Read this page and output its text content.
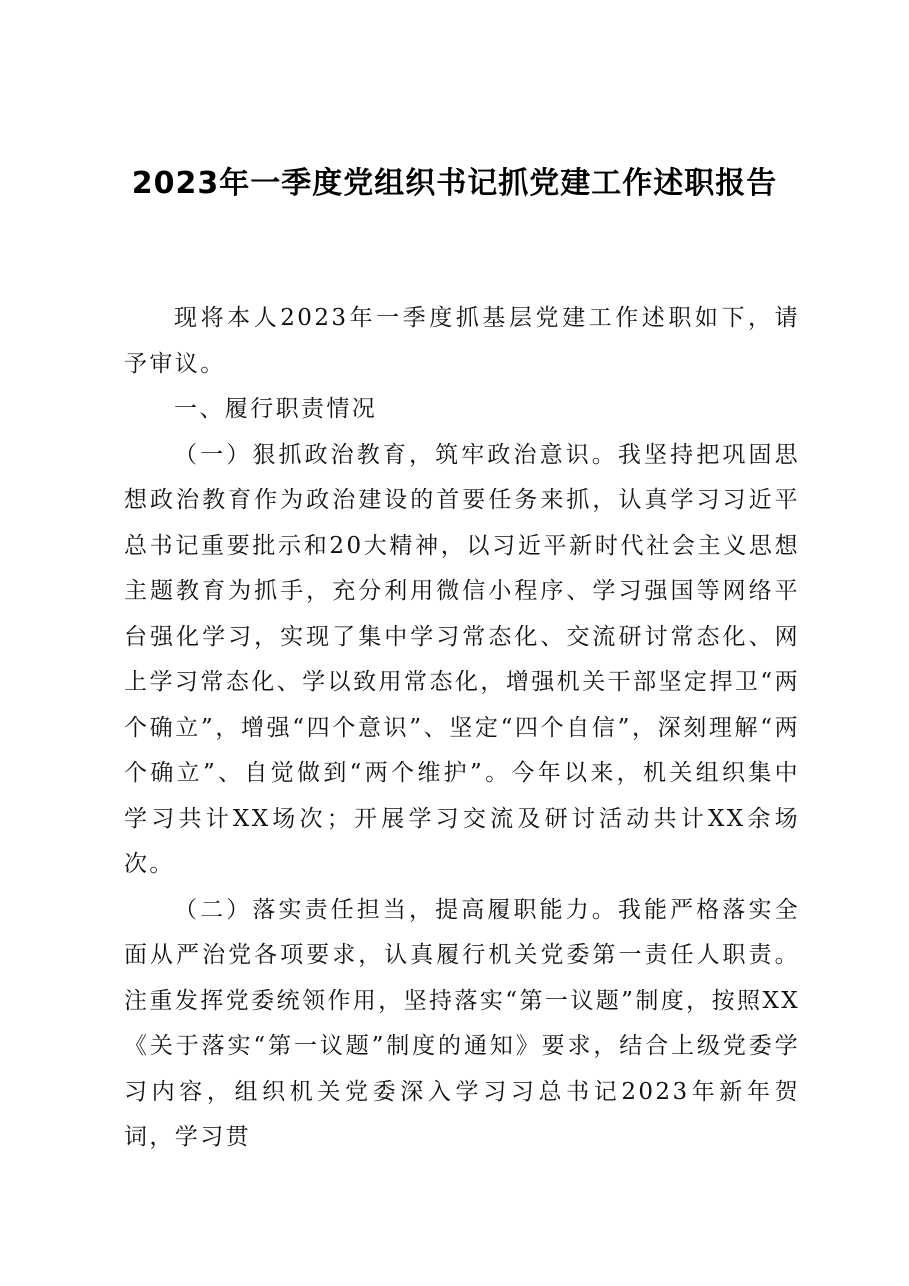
2023年一季度党组织书记抓党建工作述职报告

现将本人2023年一季度抓基层党建工作述职如下，请予审议。

一、履行职责情况

（一）狠抓政治教育，筑牢政治意识。我坚持把巩固思想政治教育作为政治建设的首要任务来抓，认真学习习近平总书记重要批示和20大精神，以习近平新时代社会主义思想主题教育为抓手，充分利用微信小程序、学习强国等网络平台强化学习，实现了集中学习常态化、交流研讨常态化、网上学习常态化、学以致用常态化，增强机关干部坚定捍卫“两个确立”，增强“四个意识”、坚定“四个自信”，深刻理解“两个确立”、自觉做到“两个维护”。今年以来，机关组织集中学习共计XX场次；开展学习交流及研讨活动共计XX余场次。

（二）落实责任担当，提高履职能力。我能严格落实全面从严治党各项要求，认真履行机关党委第一责任人职责。注重发挥党委统领作用，坚持落实“第一议题”制度，按照XX《关于落实“第一议题”制度的通知》要求，结合上级党委学习内容，组织机关党委深入学习习总书记2023年新年贺词，学习贯
